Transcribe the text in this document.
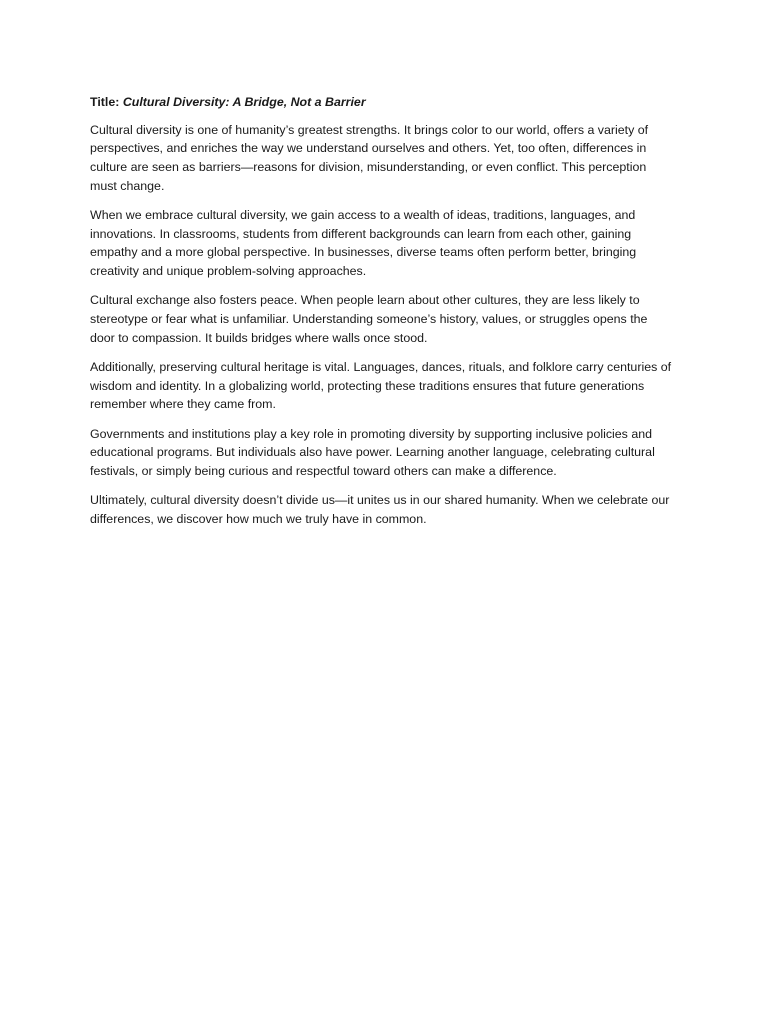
Title: Cultural Diversity: A Bridge, Not a Barrier

Cultural diversity is one of humanity’s greatest strengths. It brings color to our world, offers a variety of perspectives, and enriches the way we understand ourselves and others. Yet, too often, differences in culture are seen as barriers—reasons for division, misunderstanding, or even conflict. This perception must change.

When we embrace cultural diversity, we gain access to a wealth of ideas, traditions, languages, and innovations. In classrooms, students from different backgrounds can learn from each other, gaining empathy and a more global perspective. In businesses, diverse teams often perform better, bringing creativity and unique problem-solving approaches.

Cultural exchange also fosters peace. When people learn about other cultures, they are less likely to stereotype or fear what is unfamiliar. Understanding someone’s history, values, or struggles opens the door to compassion. It builds bridges where walls once stood.

Additionally, preserving cultural heritage is vital. Languages, dances, rituals, and folklore carry centuries of wisdom and identity. In a globalizing world, protecting these traditions ensures that future generations remember where they came from.

Governments and institutions play a key role in promoting diversity by supporting inclusive policies and educational programs. But individuals also have power. Learning another language, celebrating cultural festivals, or simply being curious and respectful toward others can make a difference.

Ultimately, cultural diversity doesn’t divide us—it unites us in our shared humanity. When we celebrate our differences, we discover how much we truly have in common.
